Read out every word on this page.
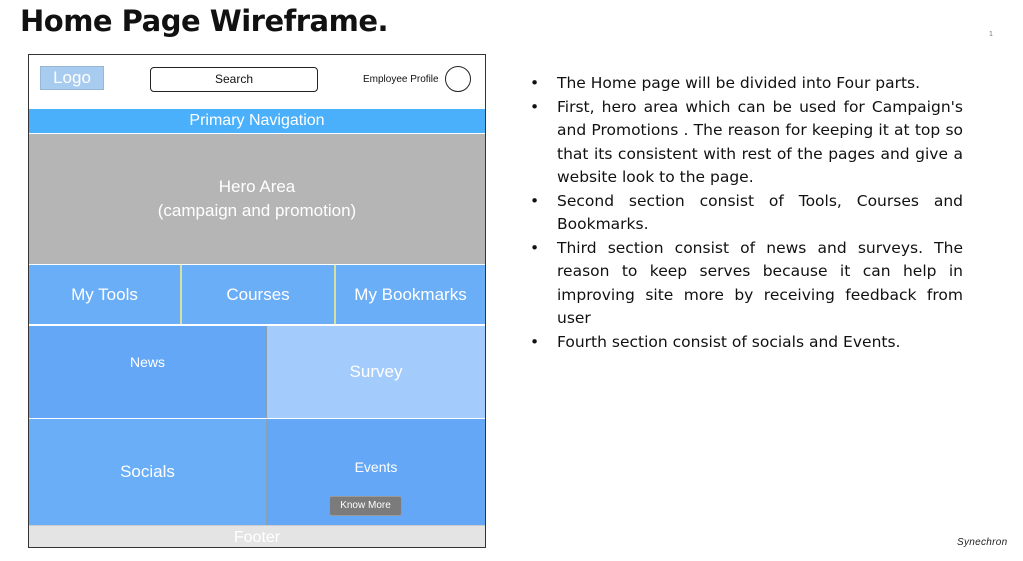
Home Page Wireframe.	1
Logo	Search	Employee Profile
Primary Navigation
Hero Area
(campaign and promotion)
My Tools	Courses	My Bookmarks
News	Survey
Socials	Events
Know More
Footer
• The Home page will be divided into Four parts.
• First, hero area which can be used for Campaign's and Promotions . The reason for keeping it at top so that its consistent with rest of the pages and give a website look to the page.
• Second section consist of Tools, Courses and Bookmarks.
• Third section consist of news and surveys. The reason to keep serves because it can help in improving site more by receiving feedback from user
• Fourth section consist of socials and Events.
Synechron
